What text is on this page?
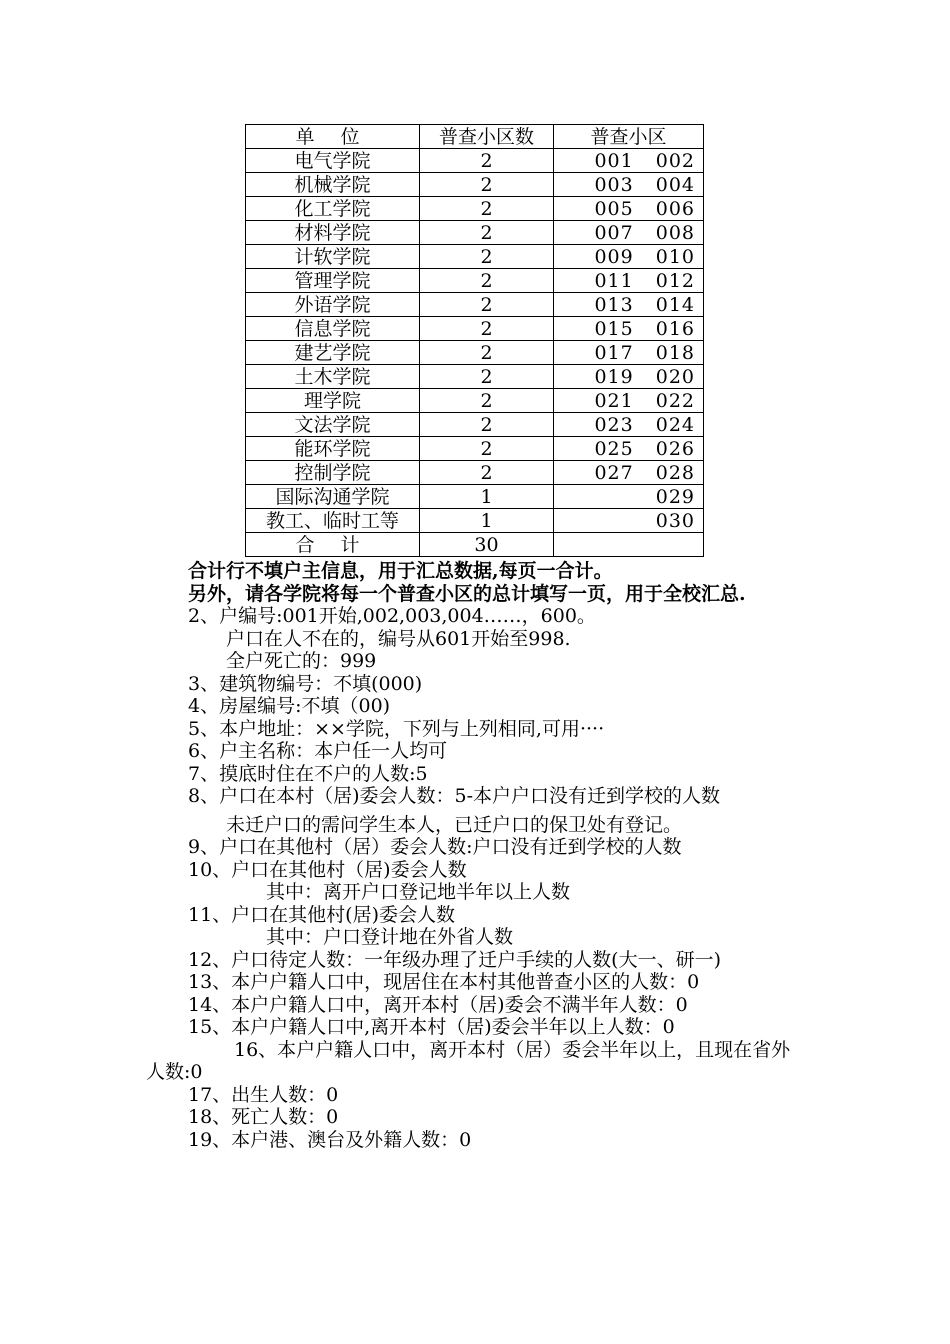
单 位	普查小区数	普查小区
电气学院	2	001 002
机械学院	2	003 004
化工学院	2	005 006
材料学院	2	007 008
计软学院	2	009 010
管理学院	2	011 012
外语学院	2	013 014
信息学院	2	015 016
建艺学院	2	017 018
土木学院	2	019 020
理学院	2	021 022
文法学院	2	023 024
能环学院	2	025 026
控制学院	2	027 028
国际沟通学院	1	029
教工、临时工等	1	030
合 计	30	

合计行不填户主信息，用于汇总数据,每页一合计。

另外，请各学院将每一个普查小区的总计填写一页，用于全校汇总.

2、户编号:001开始,002,003,004……，600。

户口在人不在的，编号从601开始至998.

全户死亡的：999

3、建筑物编号：不填(000)

4、房屋编号:不填（00)

5、本户地址：××学院，下列与上列相同,可用····

6、户主名称：本户任一人均可

7、摸底时住在不户的人数:5

8、户口在本村（居)委会人数：5-本户户口没有迁到学校的人数

未迁户口的需问学生本人，已迁户口的保卫处有登记。

9、户口在其他村（居）委会人数:户口没有迁到学校的人数

10、户口在其他村（居)委会人数

其中：离开户口登记地半年以上人数

11、户口在其他村(居)委会人数

其中：户口登计地在外省人数

12、户口待定人数：一年级办理了迁户手续的人数(大一、研一)

13、本户户籍人口中，现居住在本村其他普查小区的人数：0

14、本户户籍人口中，离开本村（居)委会不满半年人数：0

15、本户户籍人口中,离开本村（居)委会半年以上人数：0

16、本户户籍人口中，离开本村（居）委会半年以上，且现在省外人数:0

17、出生人数：0

18、死亡人数：0

19、本户港、澳台及外籍人数：0
